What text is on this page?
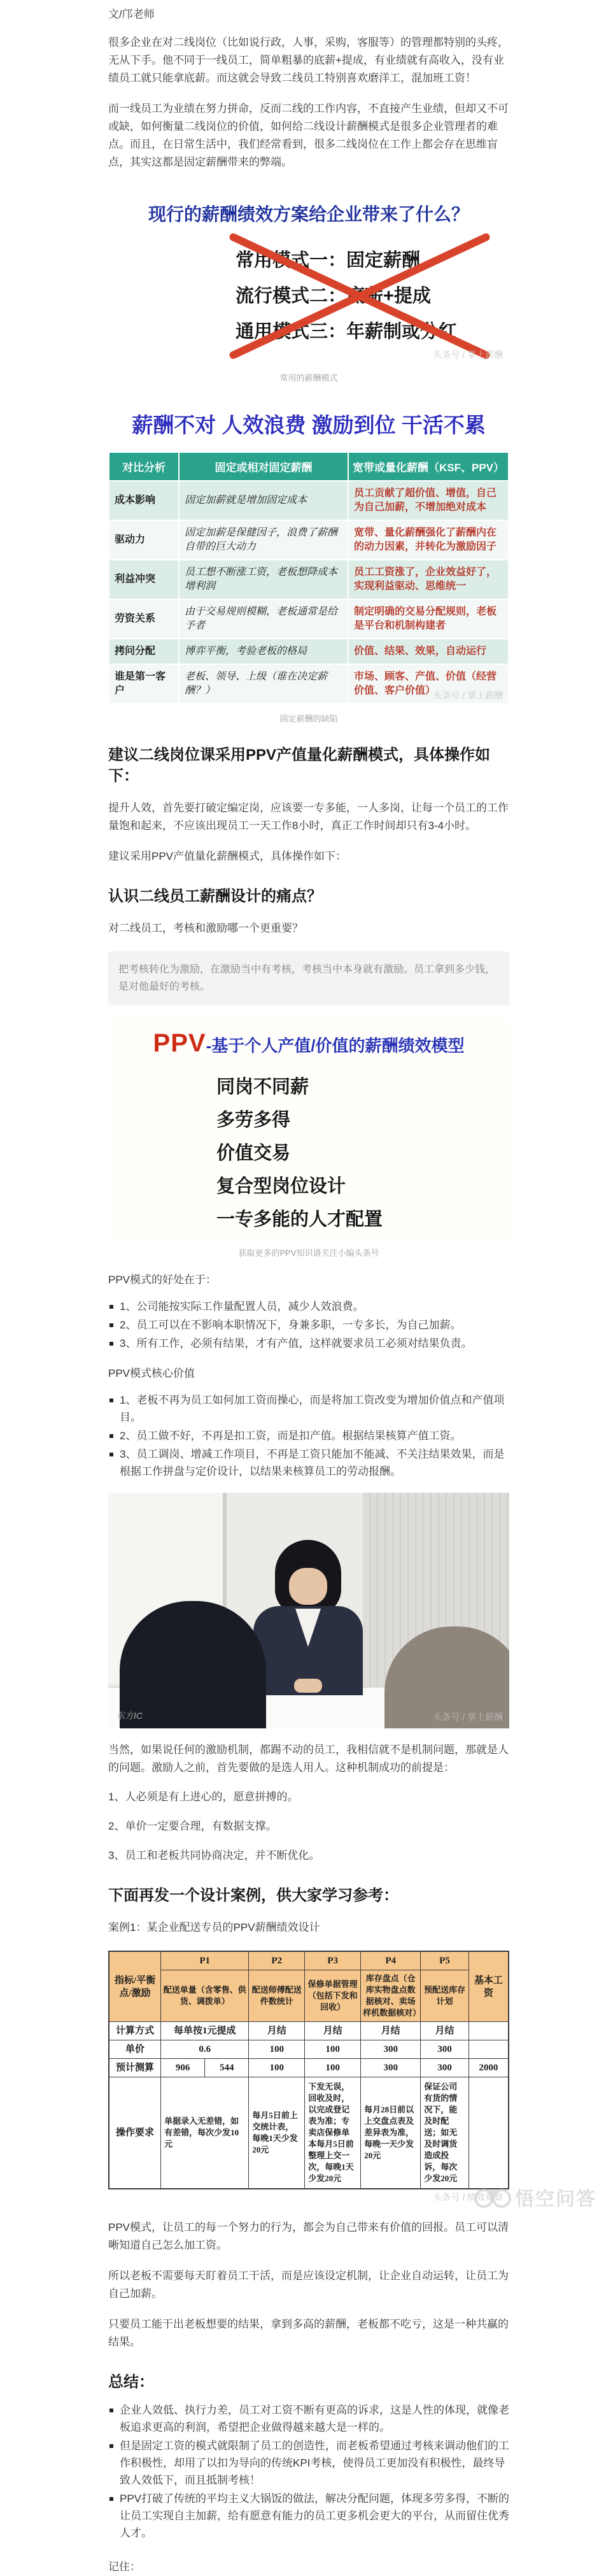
文/邝老师

很多企业在对二线岗位（比如说行政，人事，采购，客服等）的管理都特别的头疼，无从下手。他不同于一线员工，简单粗暴的底薪+提成，有业绩就有高收入，没有业绩员工就只能拿底薪。而这就会导致二线员工特别喜欢磨洋工，混加班工资！

而一线员工为业绩在努力拼命，反而二线的工作内容，不直接产生业绩，但却又不可或缺，如何衡量二线岗位的价值，如何给二线设计薪酬模式是很多企业管理者的难点。而且，在日常生活中，我们经常看到，很多二线岗位在工作上都会存在思维盲点，其实这都是固定薪酬带来的弊端。

现行的薪酬绩效方案给企业带来了什么？
常用模式一：固定薪酬
流行模式二：底薪+提成
通用模式三：年薪制或分红
头条号 / 掌上薪酬
常用的薪酬模式
薪酬不对 人效浪费 激励到位 干活不累
对比分析	固定或相对固定薪酬	宽带或量化薪酬（KSF、PPV）
成本影响	固定加薪就是增加固定成本	员工贡献了超价值、增值，自己为自己加薪，不增加绝对成本
驱动力	固定加薪是保健因子，浪费了薪酬自带的巨大动力	宽带、量化薪酬强化了薪酬内在的动力因素，并转化为激励因子
利益冲突	员工想不断涨工资，老板想降成本增利润	员工工资涨了，企业效益好了，实现利益驱动、思维统一
劳资关系	由于交易规则模糊，老板通常是给予者	制定明确的交易分配规则，老板是平台和机制构建者
拷问分配	博弈平衡，考验老板的格局	价值、结果、效果，自动运行
谁是第一客户	老板、领导、上级（谁在决定薪酬？）	市场、顾客、产值、价值（经营价值、客户价值）
头条号 / 掌上薪酬
固定薪酬的缺陷
建议二线岗位课采用PPV产值量化薪酬模式，具体操作如下：

提升人效，首先要打破定编定岗，应该要一专多能，一人多岗，让每一个员工的工作量饱和起来，不应该出现员工一天工作8小时，真正工作时间却只有3-4小时。

建议采用PPV产值量化薪酬模式，具体操作如下：

认识二线员工薪酬设计的痛点？

对二线员工，考核和激励哪一个更重要？

把考核转化为激励，在激励当中有考核，考核当中本身就有激励。员工拿到多少钱，是对他最好的考核。
PPV-基于个人产值/价值的薪酬绩效模型
同岗不同薪
多劳多得
价值交易
复合型岗位设计
一专多能的人才配置
获取更多的PPV知识请关注小编头条号

PPV模式的好处在于：

1、公司能按实际工作量配置人员，减少人效浪费。
2、员工可以在不影响本职情况下，身兼多职，一专多长，为自己加薪。
3、所有工作，必须有结果，才有产值，这样就要求员工必须对结果负责。

PPV模式核心价值

1、老板不再为员工如何加工资而操心，而是将加工资改变为增加价值点和产值项目。
2、员工做不好，不再是扣工资，而是扣产值。根据结果核算产值工资。
3、员工调岗、增减工作项目，不再是工资只能加不能减、不关注结果效果，而是根据工作拼盘与定价设计，以结果来核算员工的劳动报酬。
东方IC	头条号 / 掌上薪酬

当然，如果说任何的激励机制，都踢不动的员工，我相信就不是机制问题，那就是人的问题。激励人之前，首先要做的是选人用人。这种机制成功的前提是：

1、人必须是有上进心的，愿意拼搏的。

2、单价一定要合理，有数据支撑。

3、员工和老板共同协商决定，并不断优化。

下面再发一个设计案例，供大家学习参考：

案例1：某企业配送专员的PPV薪酬绩效设计

指标/平衡点/激励	P1		P2	P3	P4	P5	基本工资
	配送单量（含零售、供货、调拨单）		配送师傅配送件数统计	保修单据管理（包括下发和回收）	库存盘点（仓库实物盘点数据核对、卖场样机数据核对）	预配送库存计划	
计算方式	每单按1元提成		月结	月结	月结	月结	
单价	0.6		100	100	300	300	
预计测算	906	544	100	100	300	300	2000
操作要求	单据录入无差错，如有差错，每次少发10元		每月5日前上交统计表，每晚1天少发20元	下发无误，回收及时，以完成登记表为准；专卖店保修单本每月5日前整理上交一次，每晚1天少发20元	每月28日前以上交盘点表及差异表为准，每晚一天少发20元	保证公司有货的情况下，能及时配送；如无及时调货造成投诉，每次少发20元	
头条号 / 绩效观察

PPV模式，让员工的每一个努力的行为，都会为自己带来有价值的回报。员工可以清晰知道自己怎么加工资。

所以老板不需要每天盯着员工干活，而是应该设定机制，让企业自动运转，让员工为自己加薪。

只要员工能干出老板想要的结果，拿到多高的薪酬，老板都不吃亏，这是一种共赢的结果。

总结：
企业人效低、执行力差，员工对工资不断有更高的诉求，这是人性的体现，就像老板追求更高的利润，希望把企业做得越来越大是一样的。
但是固定工资的模式就限制了员工的创造性，而老板希望通过考核来调动他们的工作积极性，却用了以扣为导向的传统KPI考核，使得员工更加没有积极性，最终导致人效低下，而且抵制考核！
PPV打破了传统的平均主义大锅饭的做法，解决分配问题，体现多劳多得，不断的让员工实现自主加薪，给有愿意有能力的员工更多机会更大的平台，从而留住优秀人才。

记住：

悟空问答
